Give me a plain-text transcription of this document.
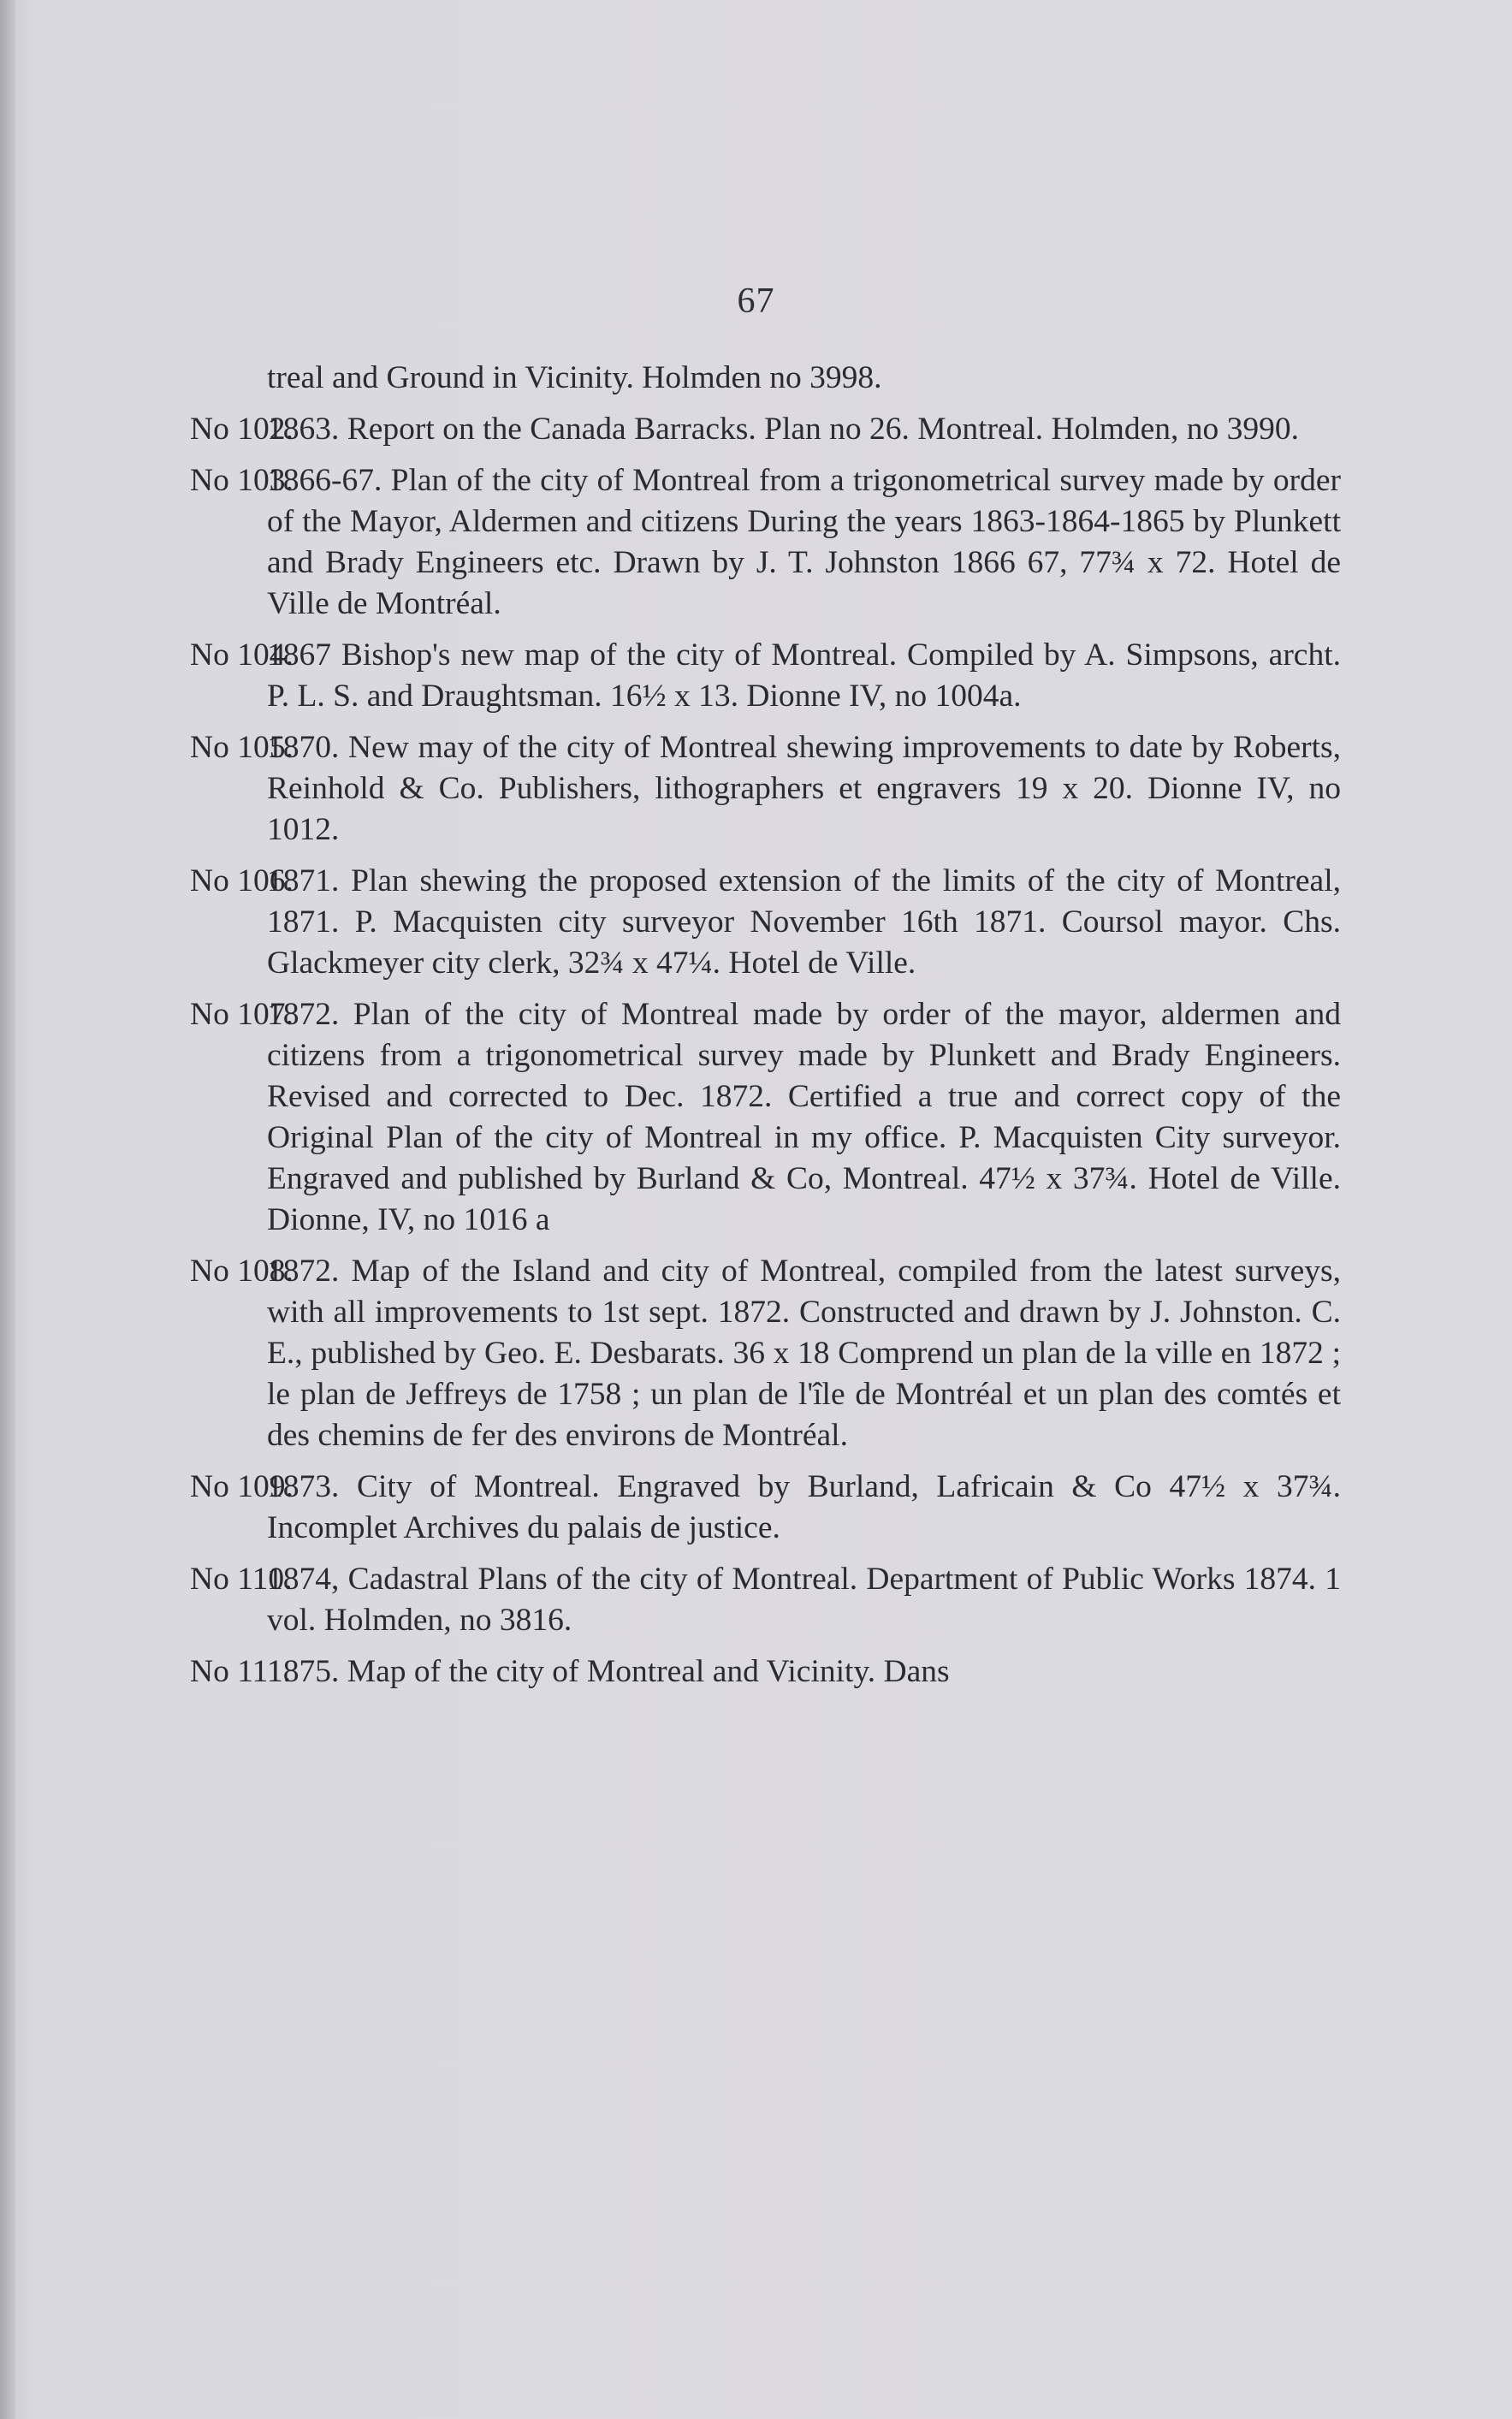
67
treal and Ground in Vicinity. Holmden no 3998.
No 102.
1863. Report on the Canada Barracks. Plan no 26. Montreal. Holmden, no 3990.
No 103.
1866-67. Plan of the city of Montreal from a trigonometrical survey made by order of the Mayor, Aldermen and citizens During the years 1863-1864-1865 by Plunkett and Brady Engineers etc. Drawn by J. T. Johnston 1866 67, 77¾ x 72. Hotel de Ville de Montréal.
No 104.
1867 Bishop's new map of the city of Montreal. Compiled by A. Simpsons, archt. P. L. S. and Draughtsman. 16½ x 13. Dionne IV, no 1004a.
No 105.
1870. New may of the city of Montreal shewing improvements to date by Roberts, Reinhold & Co. Publishers, lithographers et engravers 19 x 20. Dionne IV, no 1012.
No 106.
1871. Plan shewing the proposed extension of the limits of the city of Montreal, 1871. P. Macquisten city surveyor November 16th 1871. Coursol mayor. Chs. Glackmeyer city clerk, 32¾ x 47¼. Hotel de Ville.
No 107.
1872. Plan of the city of Montreal made by order of the mayor, aldermen and citizens from a trigonometrical survey made by Plunkett and Brady Engineers. Revised and corrected to Dec. 1872. Certified a true and correct copy of the Original Plan of the city of Montreal in my office. P. Macquisten City surveyor. Engraved and published by Burland & Co, Montreal. 47½ x 37¾. Hotel de Ville. Dionne, IV, no 1016 a
No 108.
1872. Map of the Island and city of Montreal, compiled from the latest surveys, with all improvements to 1st sept. 1872. Constructed and drawn by J. Johnston. C. E., published by Geo. E. Desbarats. 36 x 18 Comprend un plan de la ville en 1872 ; le plan de Jeffreys de 1758 ; un plan de l'île de Montréal et un plan des comtés et des chemins de fer des environs de Montréal.
No 109.
1873. City of Montreal. Engraved by Burland, Lafricain & Co 47½ x 37¾. Incomplet Archives du palais de justice.
No 110.
1874, Cadastral Plans of the city of Montreal. Department of Public Works 1874. 1 vol. Holmden, no 3816.
No 111.
1875. Map of the city of Montreal and Vicinity. Dans
